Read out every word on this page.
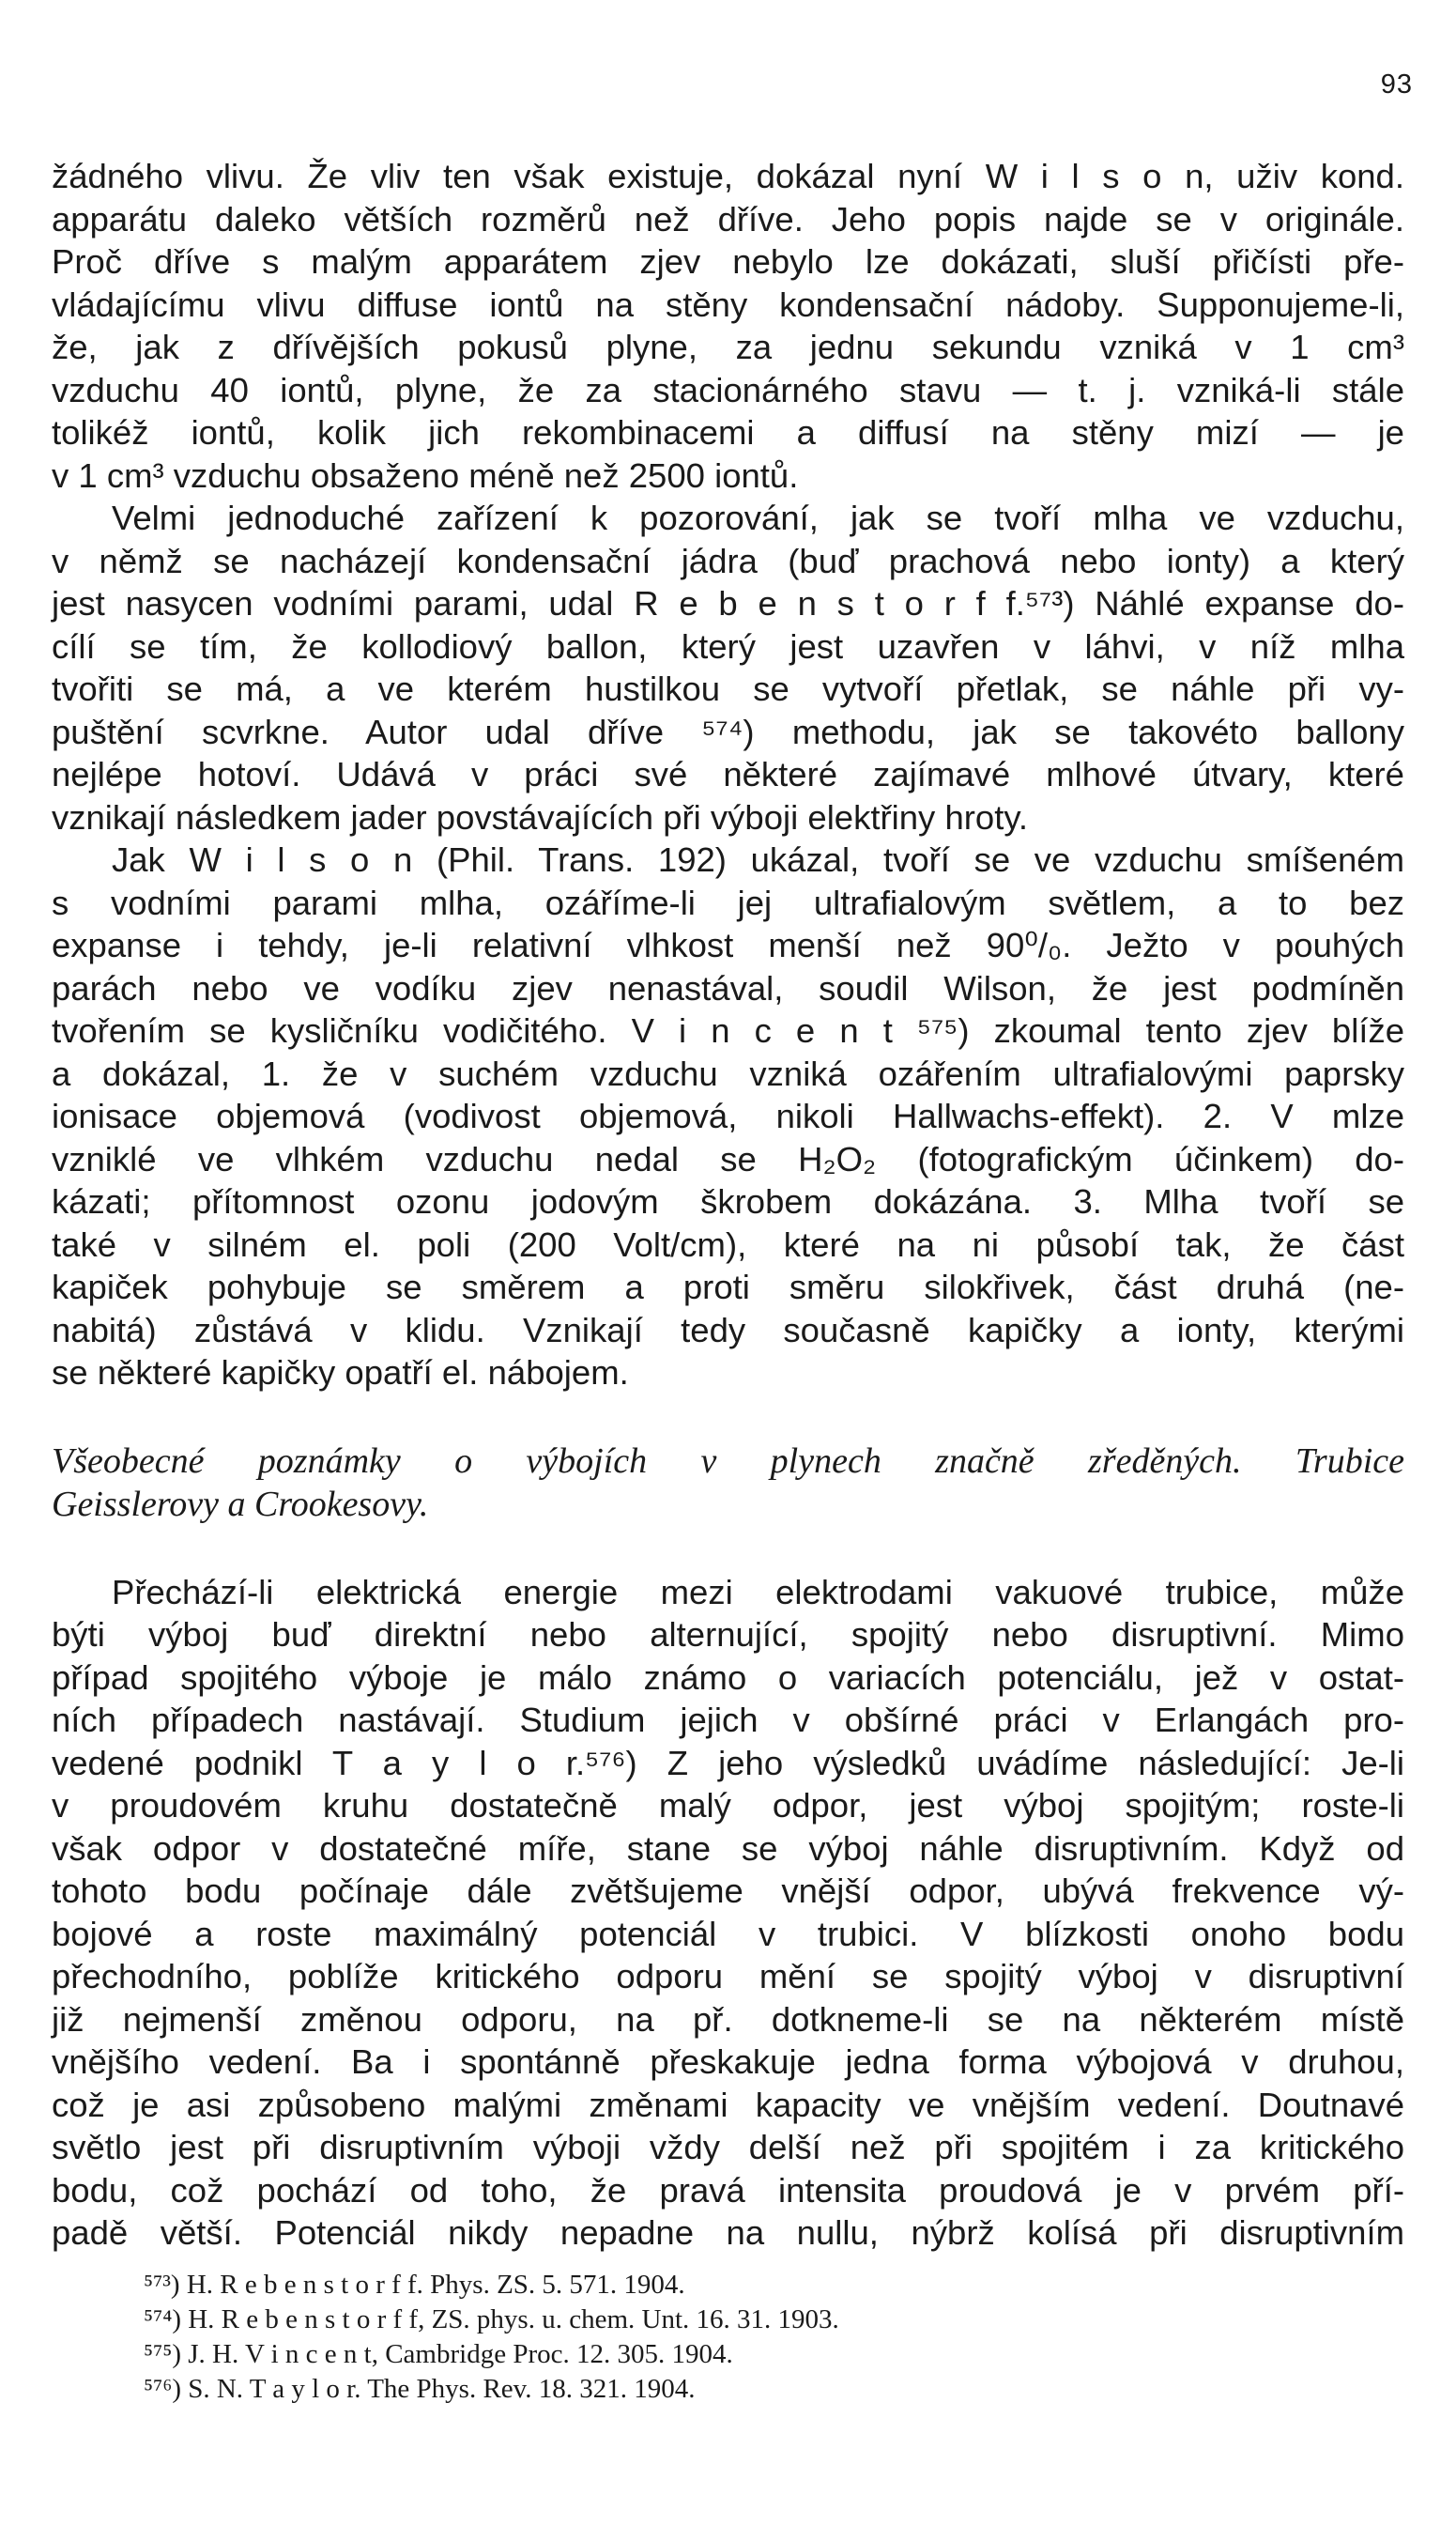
93
žádného vlivu. Že vliv ten však existuje, dokázal nyní W i l s o n, uživ kond.
apparátu daleko větších rozměrů než dříve. Jeho popis najde se v originále.
Proč dříve s malým apparátem zjev nebylo lze dokázati, sluší přičísti pře-
vládajícímu vlivu diffuse iontů na stěny kondensační nádoby. Supponujeme-li,
že, jak z dřívějších pokusů plyne, za jednu sekundu vzniká v 1 cm³
vzduchu 40 iontů, plyne, že za stacionárného stavu — t. j. vzniká-li stále
tolikéž iontů, kolik jich rekombinacemi a diffusí na stěny mizí — je
v 1 cm³ vzduchu obsaženo méně než 2500 iontů.
Velmi jednoduché zařízení k pozorování, jak se tvoří mlha ve vzduchu,
v němž se nacházejí kondensační jádra (buď prachová nebo ionty) a který
jest nasycen vodními parami, udal R e b e n s t o r f f.⁵⁷³) Náhlé expanse do-
cílí se tím, že kollodiový ballon, který jest uzavřen v láhvi, v níž mlha
tvořiti se má, a ve kterém hustilkou se vytvoří přetlak, se náhle při vy-
puštění scvrkne. Autor udal dříve ⁵⁷⁴) methodu, jak se takovéto ballony
nejlépe hotoví. Udává v práci své některé zajímavé mlhové útvary, které
vznikají následkem jader povstávajících při výboji elektřiny hroty.
Jak W i l s o n (Phil. Trans. 192) ukázal, tvoří se ve vzduchu smíšeném
s vodními parami mlha, ozáříme-li jej ultrafialovým světlem, a to bez
expanse i tehdy, je-li relativní vlhkost menší než 90⁰/₀. Ježto v pouhých
parách nebo ve vodíku zjev nenastával, soudil Wilson, že jest podmíněn
tvořením se kysličníku vodičitého. V i n c e n t ⁵⁷⁵) zkoumal tento zjev blíže
a dokázal, 1. že v suchém vzduchu vzniká ozářením ultrafialovými paprsky
ionisace objemová (vodivost objemová, nikoli Hallwachs-effekt). 2. V mlze
vzniklé ve vlhkém vzduchu nedal se H₂O₂ (fotografickým účinkem) do-
kázati; přítomnost ozonu jodovým škrobem dokázána. 3. Mlha tvoří se
také v silném el. poli (200 Volt/cm), které na ni působí tak, že část
kapiček pohybuje se směrem a proti směru silokřivek, část druhá (ne-
nabitá) zůstává v klidu. Vznikají tedy současně kapičky a ionty, kterými
se některé kapičky opatří el. nábojem.
Všeobecné poznámky o výbojích v plynech značně zředěných. Trubice
Geisslerovy a Crookesovy.
Přechází-li elektrická energie mezi elektrodami vakuové trubice, může
býti výboj buď direktní nebo alternující, spojitý nebo disruptivní. Mimo
případ spojitého výboje je málo známo o variacích potenciálu, jež v ostat-
ních případech nastávají. Studium jejich v obšírné práci v Erlangách pro-
vedené podnikl T a y l o r.⁵⁷⁶) Z jeho výsledků uvádíme následující: Je-li
v proudovém kruhu dostatečně malý odpor, jest výboj spojitým; roste-li
však odpor v dostatečné míře, stane se výboj náhle disruptivním. Když od
tohoto bodu počínaje dále zvětšujeme vnější odpor, ubývá frekvence vý-
bojové a roste maximálný potenciál v trubici. V blízkosti onoho bodu
přechodního, poblíže kritického odporu mění se spojitý výboj v disruptivní
již nejmenší změnou odporu, na př. dotkneme-li se na některém místě
vnějšího vedení. Ba i spontánně přeskakuje jedna forma výbojová v druhou,
což je asi způsobeno malými změnami kapacity ve vnějším vedení. Doutnavé
světlo jest při disruptivním výboji vždy delší než při spojitém i za kritického
bodu, což pochází od toho, že pravá intensita proudová je v prvém pří-
padě větší. Potenciál nikdy nepadne na nullu, nýbrž kolísá při disruptivním
⁵⁷³) H. R e b e n s t o r f f. Phys. ZS. 5. 571. 1904.
⁵⁷⁴) H. R e b e n s t o r f f, ZS. phys. u. chem. Unt. 16. 31. 1903.
⁵⁷⁵) J. H. V i n c e n t, Cambridge Proc. 12. 305. 1904.
⁵⁷⁶) S. N. T a y l o r. The Phys. Rev. 18. 321. 1904.
